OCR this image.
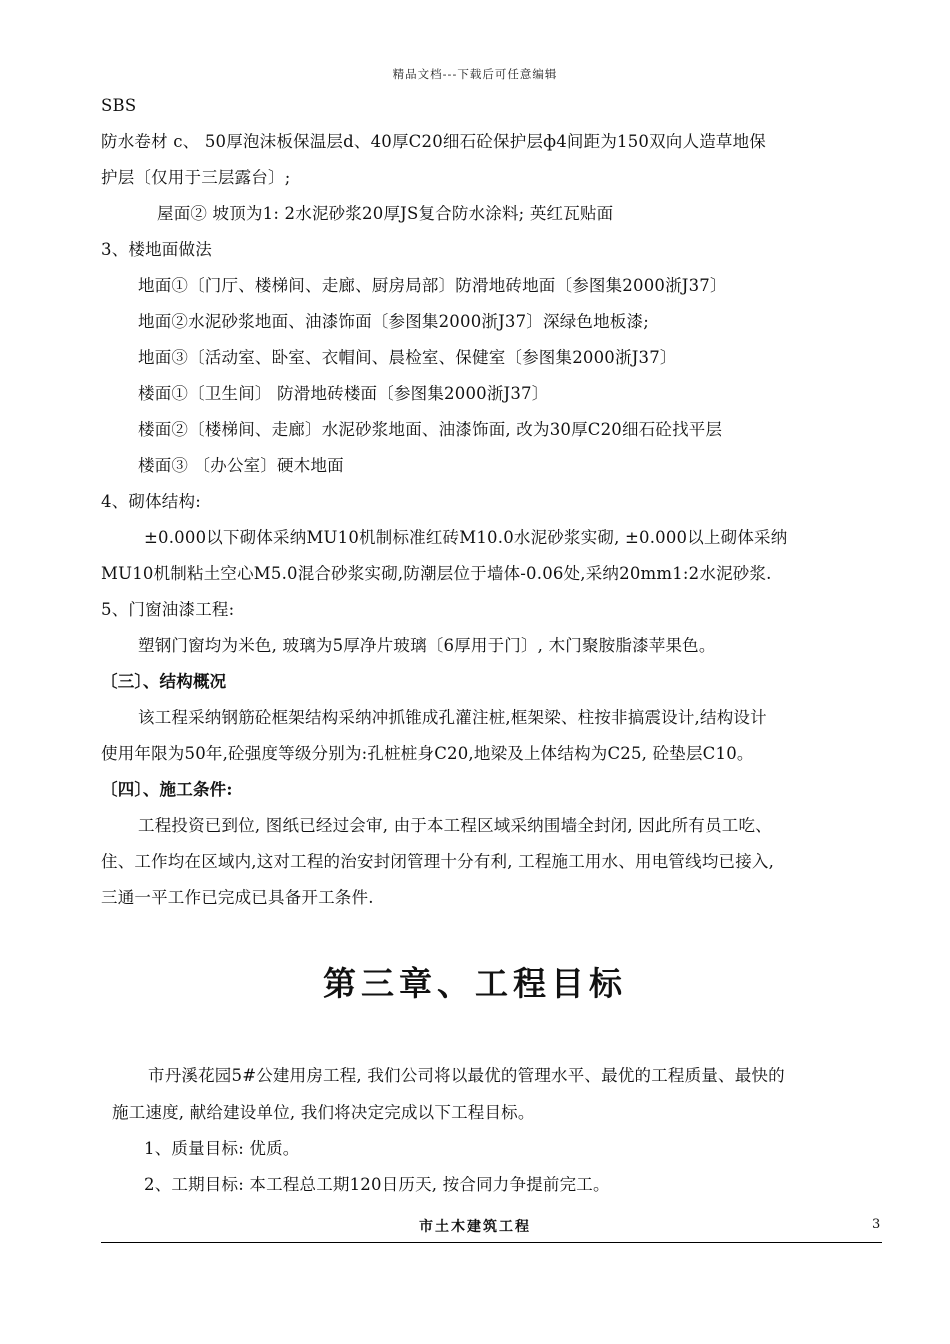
精品文档---下载后可任意编辑
SBS
防水卷材 c、 50厚泡沫板保温层d、40厚C20细石砼保护层ф4间距为150双向人造草地保
护层〔仅用于三层露台〕;
屋面② 坡顶为1: 2水泥砂浆20厚JS复合防水涂料; 英红瓦贴面
3、楼地面做法
地面①〔门厅、楼梯间、走廊、厨房局部〕防滑地砖地面〔参图集2000浙J37〕
地面②水泥砂浆地面、油漆饰面〔参图集2000浙J37〕深绿色地板漆;
地面③〔活动室、卧室、衣帽间、晨检室、保健室〔参图集2000浙J37〕
楼面①〔卫生间〕 防滑地砖楼面〔参图集2000浙J37〕
楼面②〔楼梯间、走廊〕水泥砂浆地面、油漆饰面, 改为30厚C20细石砼找平层
楼面③ 〔办公室〕硬木地面
4、砌体结构:
±0.000以下砌体采纳MU10机制标准红砖M10.0水泥砂浆实砌, ±0.000以上砌体采纳
MU10机制粘土空心M5.0混合砂浆实砌,防潮层位于墙体-0.06处,采纳20mm1:2水泥砂浆.
5、门窗油漆工程:
塑钢门窗均为米色, 玻璃为5厚净片玻璃〔6厚用于门〕, 木门聚胺脂漆苹果色。
〔三〕、结构概况
该工程采纳钢筋砼框架结构采纳冲抓锥成孔灌注桩,框架梁、柱按非搞震设计,结构设计
使用年限为50年,砼强度等级分别为:孔桩桩身C20,地梁及上体结构为C25, 砼垫层C10。
〔四〕、施工条件:
工程投资已到位, 图纸已经过会审, 由于本工程区域采纳围墙全封闭, 因此所有员工吃、
住、工作均在区域内,这对工程的治安封闭管理十分有利, 工程施工用水、用电管线均已接入,
三通一平工作已完成已具备开工条件.
第三章、工程目标
市丹溪花园5#公建用房工程, 我们公司将以最优的管理水平、最优的工程质量、最快的
施工速度, 献给建设单位, 我们将决定完成以下工程目标。
1、质量目标: 优质。
2、工期目标: 本工程总工期120日历天, 按合同力争提前完工。
市土木建筑工程	3
